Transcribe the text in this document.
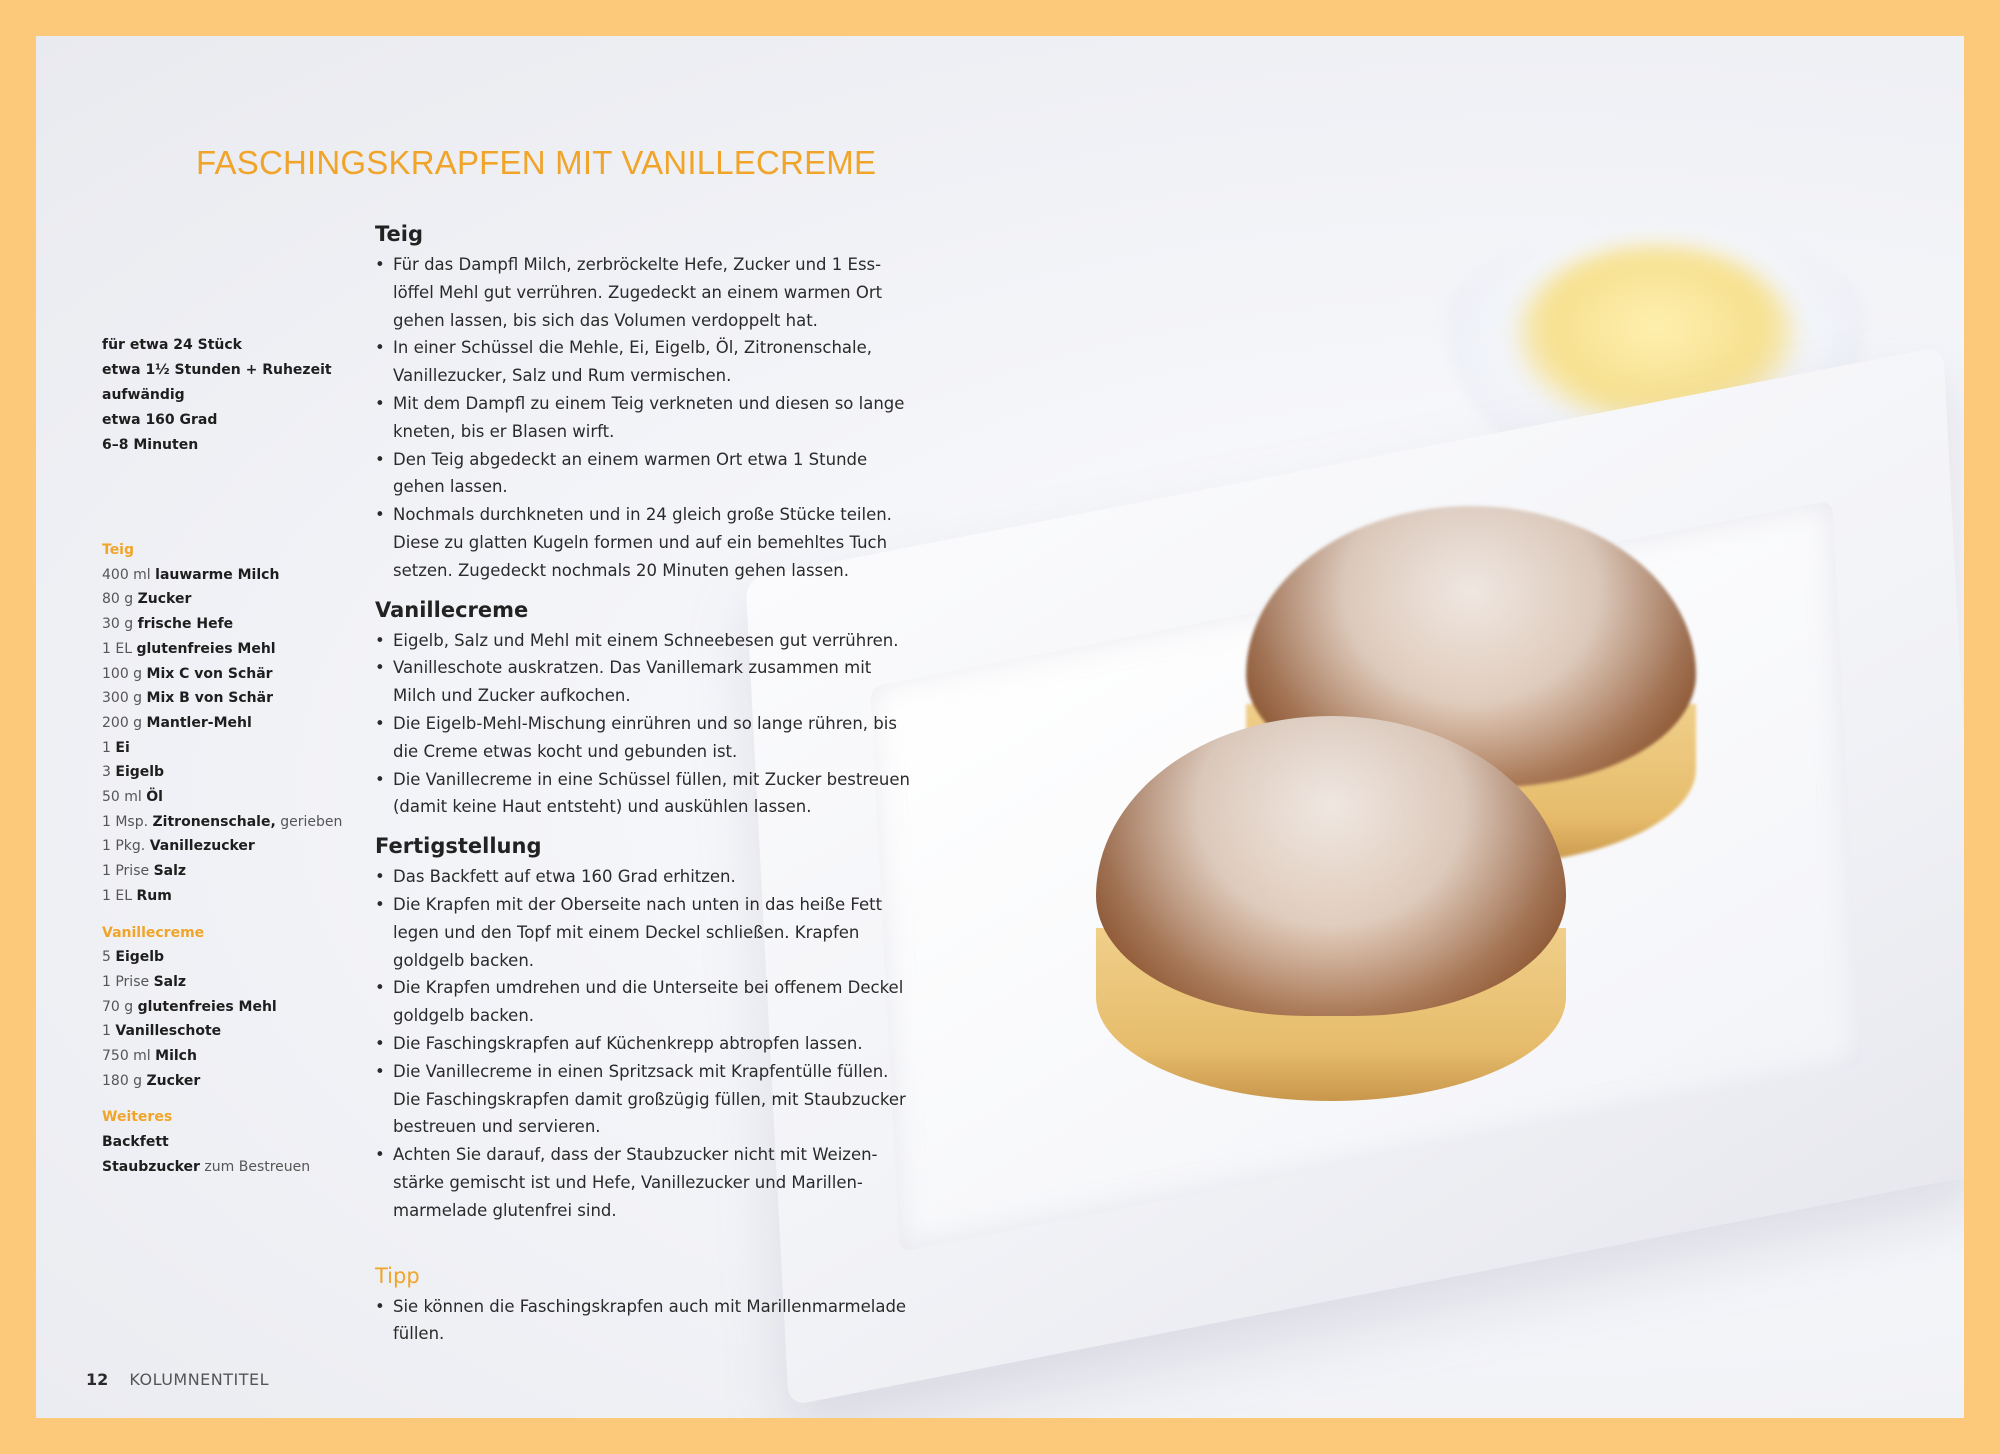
FASCHINGSKRAPFEN MIT VANILLECREME
für etwa 24 Stück
etwa 1½ Stunden + Ruhezeit
aufwändig
etwa 160 Grad
6–8 Minuten
Teig
400 ml lauwarme Milch
80 g Zucker
30 g frische Hefe
1 EL glutenfreies Mehl
100 g Mix C von Schär
300 g Mix B von Schär
200 g Mantler-Mehl
1 Ei
3 Eigelb
50 ml Öl
1 Msp. Zitronenschale, gerieben
1 Pkg. Vanillezucker
1 Prise Salz
1 EL Rum
Vanillecreme
5 Eigelb
1 Prise Salz
70 g glutenfreies Mehl
1 Vanilleschote
750 ml Milch
180 g Zucker
Weiteres
Backfett
Staubzucker zum Bestreuen
Teig
• Für das Dampfl Milch, zerbröckelte Hefe, Zucker und 1 Ess-löffel Mehl gut verrühren. Zugedeckt an einem warmen Ort gehen lassen, bis sich das Volumen verdoppelt hat.
• In einer Schüssel die Mehle, Ei, Eigelb, Öl, Zitronenschale, Vanillezucker, Salz und Rum vermischen.
• Mit dem Dampfl zu einem Teig verkneten und diesen so lange kneten, bis er Blasen wirft.
• Den Teig abgedeckt an einem warmen Ort etwa 1 Stunde gehen lassen.
• Nochmals durchkneten und in 24 gleich große Stücke teilen. Diese zu glatten Kugeln formen und auf ein bemehltes Tuch setzen. Zugedeckt nochmals 20 Minuten gehen lassen.
Vanillecreme
• Eigelb, Salz und Mehl mit einem Schneebesen gut verrühren.
• Vanilleschote auskratzen. Das Vanillemark zusammen mit Milch und Zucker aufkochen.
• Die Eigelb-Mehl-Mischung einrühren und so lange rühren, bis die Creme etwas kocht und gebunden ist.
• Die Vanillecreme in eine Schüssel füllen, mit Zucker bestreuen (damit keine Haut entsteht) und auskühlen lassen.
Fertigstellung
• Das Backfett auf etwa 160 Grad erhitzen.
• Die Krapfen mit der Oberseite nach unten in das heiße Fett legen und den Topf mit einem Deckel schließen. Krapfen goldgelb backen.
• Die Krapfen umdrehen und die Unterseite bei offenem Deckel goldgelb backen.
• Die Faschingskrapfen auf Küchenkrepp abtropfen lassen.
• Die Vanillecreme in einen Spritzsack mit Krapfentülle füllen. Die Faschingskrapfen damit großzügig füllen, mit Staubzucker bestreuen und servieren.
• Achten Sie darauf, dass der Staubzucker nicht mit Weizen-stärke gemischt ist und Hefe, Vanillezucker und Marillen-marmelade glutenfrei sind.
Tipp
• Sie können die Faschingskrapfen auch mit Marillenmarmelade füllen.
12 KOLUMNENTITEL
